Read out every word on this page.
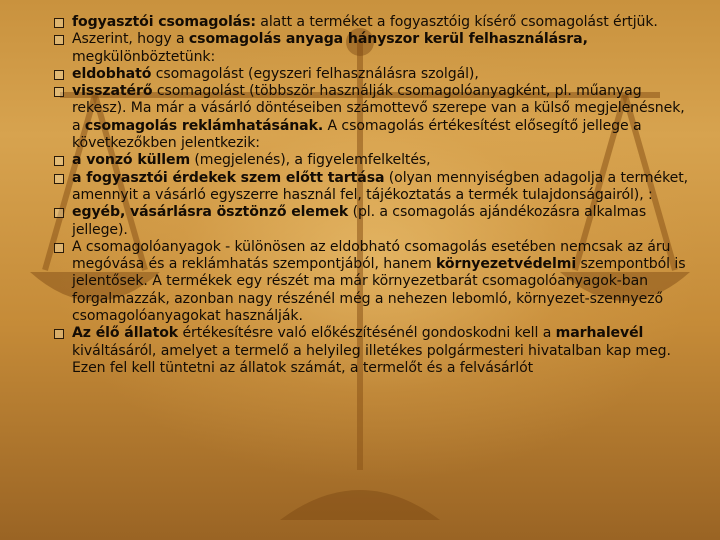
fogyasztói csomagolás: alatt a terméket a fogyasztóig kísérő csomagolást értjük.
Aszerint, hogy a csomagolás anyaga hányszor kerül felhasználásra, megkülönböztetünk:
eldobható csomagolást (egyszeri felhasználásra szolgál),
visszatérő csomagolást (többször használják csomagolóanyagként, pl. műanyag rekesz). Ma már a vásárló döntéseiben számottevő szerepe van a külső megjelenésnek, a csomagolás reklámhatásának. A csomagolás értékesítést elősegítő jellege a következőkben jelentkezik:
a vonzó küllem (megjelenés), a figyelemfelkeltés,
a fogyasztói érdekek szem előtt tartása (olyan mennyiségben adagolja a terméket, amennyit a vásárló egyszerre használ fel, tájékoztatás a termék tulajdonságairól), :
egyéb, vásárlásra ösztönző elemek (pl. a csomagolás ajándékozásra alkalmas jellege).
A csomagolóanyagok - különösen az eldobható csomagolás esetében nemcsak az áru megóvása és a reklámhatás szempontjából, hanem környezetvédelmi szempontból is jelentősek. A termékek egy részét ma már környezetbarát csomagolóanyagok-ban forgalmazzák, azonban nagy részénél még a nehezen lebomló, környezet-szennyező csomagolóanyagokat használják.
Az élő állatok értékesítésre való előkészítésénél gondoskodni kell a marhalevél kiváltásáról, amelyet a termelő a helyileg illetékes polgármesteri hivatalban kap meg. Ezen fel kell tüntetni az állatok számát, a termelőt és a felvásárlót
